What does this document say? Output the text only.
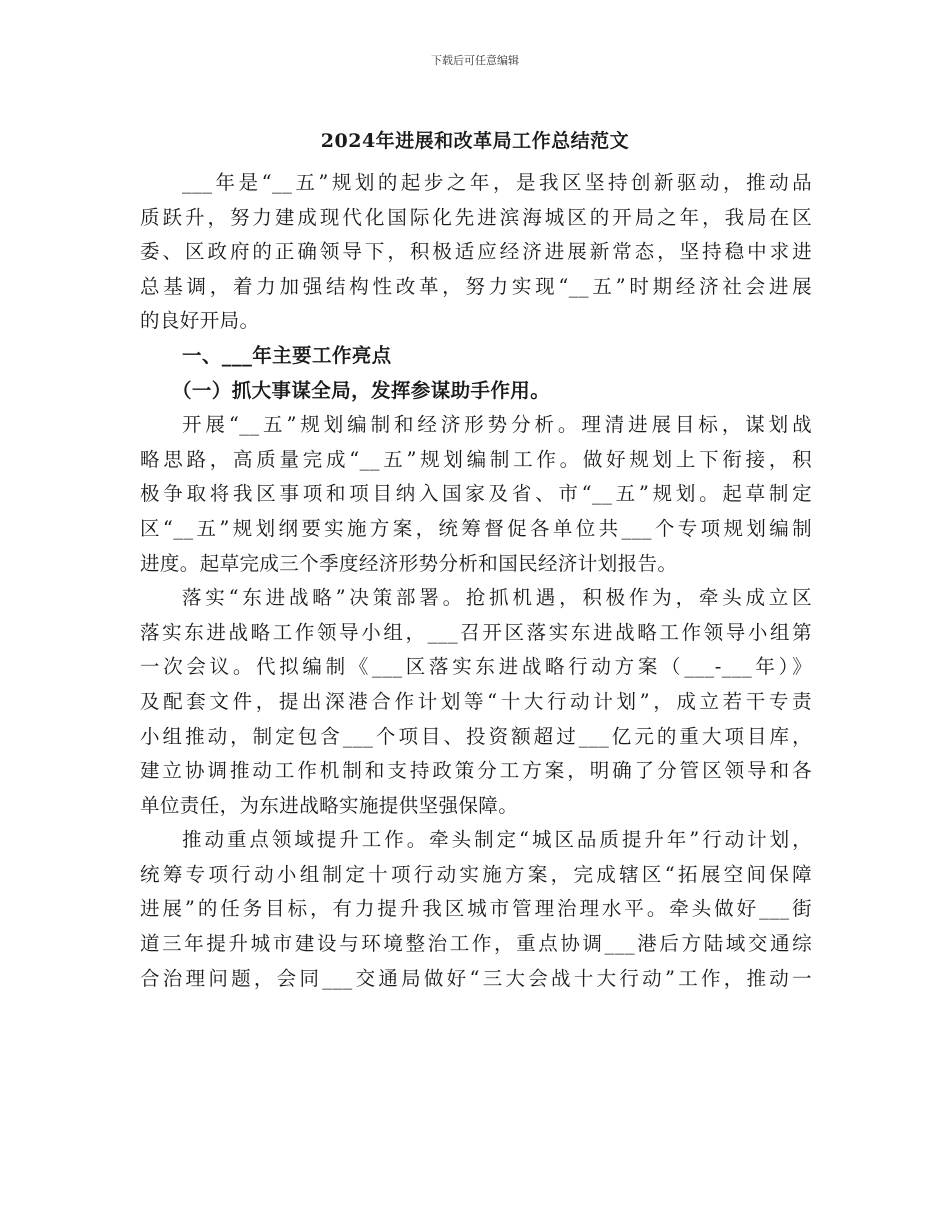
下载后可任意编辑
2024年进展和改革局工作总结范文
___年是“__五”规划的起步之年，是我区坚持创新驱动，推动品
质跃升，努力建成现代化国际化先进滨海城区的开局之年，我局在区
委、区政府的正确领导下，积极适应经济进展新常态，坚持稳中求进
总基调，着力加强结构性改革，努力实现“__五”时期经济社会进展
的良好开局。
一、___年主要工作亮点
（一）抓大事谋全局，发挥参谋助手作用。
开展“__五”规划编制和经济形势分析。理清进展目标，谋划战
略思路，高质量完成“__五”规划编制工作。做好规划上下衔接，积
极争取将我区事项和项目纳入国家及省、市“__五”规划。起草制定
区“__五”规划纲要实施方案，统筹督促各单位共___个专项规划编制
进度。起草完成三个季度经济形势分析和国民经济计划报告。
落实“东进战略”决策部署。抢抓机遇，积极作为，牵头成立区
落实东进战略工作领导小组，___召开区落实东进战略工作领导小组第
一次会议。代拟编制《___区落实东进战略行动方案（___-___年）》
及配套文件，提出深港合作计划等“十大行动计划”，成立若干专责
小组推动，制定包含___个项目、投资额超过___亿元的重大项目库，
建立协调推动工作机制和支持政策分工方案，明确了分管区领导和各
单位责任，为东进战略实施提供坚强保障。
推动重点领域提升工作。牵头制定“城区品质提升年”行动计划，
统筹专项行动小组制定十项行动实施方案，完成辖区“拓展空间保障
进展”的任务目标，有力提升我区城市管理治理水平。牵头做好___街
道三年提升城市建设与环境整治工作，重点协调___港后方陆域交通综
合治理问题，会同___交通局做好“三大会战十大行动”工作，推动一
